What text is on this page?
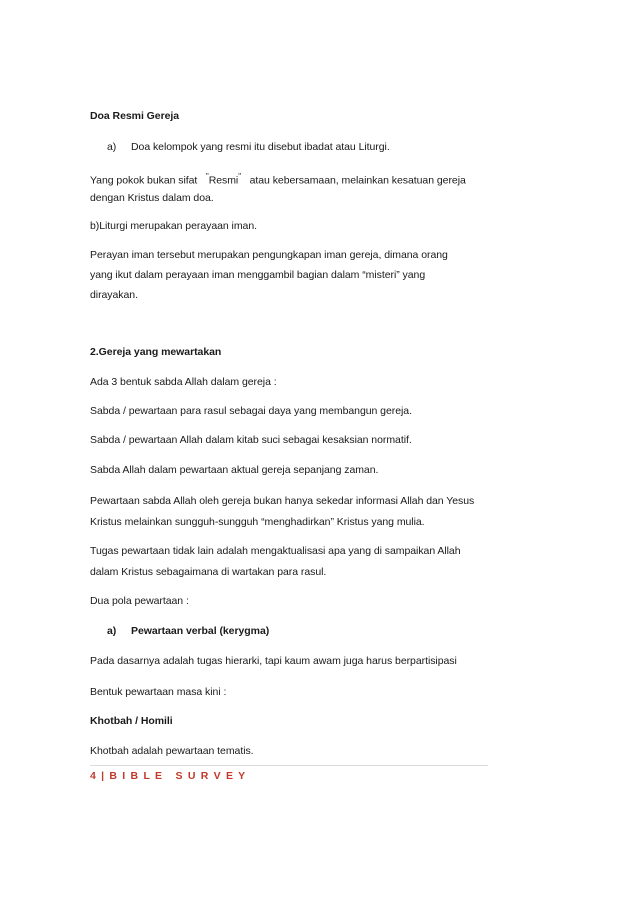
Doa Resmi Gereja
a) Doa kelompok yang resmi itu disebut ibadat atau Liturgi.
Yang pokok bukan sifat "Resmi" atau kebersamaan, melainkan kesatuan gereja
dengan Kristus dalam doa.
b)Liturgi merupakan perayaan iman.
Perayan iman tersebut merupakan pengungkapan iman gereja, dimana orang
yang ikut dalam perayaan iman menggambil bagian dalam “misteri” yang
dirayakan.
2.Gereja yang mewartakan
Ada 3 bentuk sabda Allah dalam gereja :
Sabda / pewartaan para rasul sebagai daya yang membangun gereja.
Sabda / pewartaan Allah dalam kitab suci sebagai kesaksian normatif.
Sabda Allah dalam pewartaan aktual gereja sepanjang zaman.
Pewartaan sabda Allah oleh gereja bukan hanya sekedar informasi Allah dan Yesus
Kristus melainkan sungguh-sungguh “menghadirkan” Kristus yang mulia.
Tugas pewartaan tidak lain adalah mengaktualisasi apa yang di sampaikan Allah
dalam Kristus sebagaimana di wartakan para rasul.
Dua pola pewartaan :
a) Pewartaan verbal (kerygma)
Pada dasarnya adalah tugas hierarki, tapi kaum awam juga harus berpartisipasi
Bentuk pewartaan masa kini :
Khotbah / Homili
Khotbah adalah pewartaan tematis.
4 | B I B L E   S U R V E Y
